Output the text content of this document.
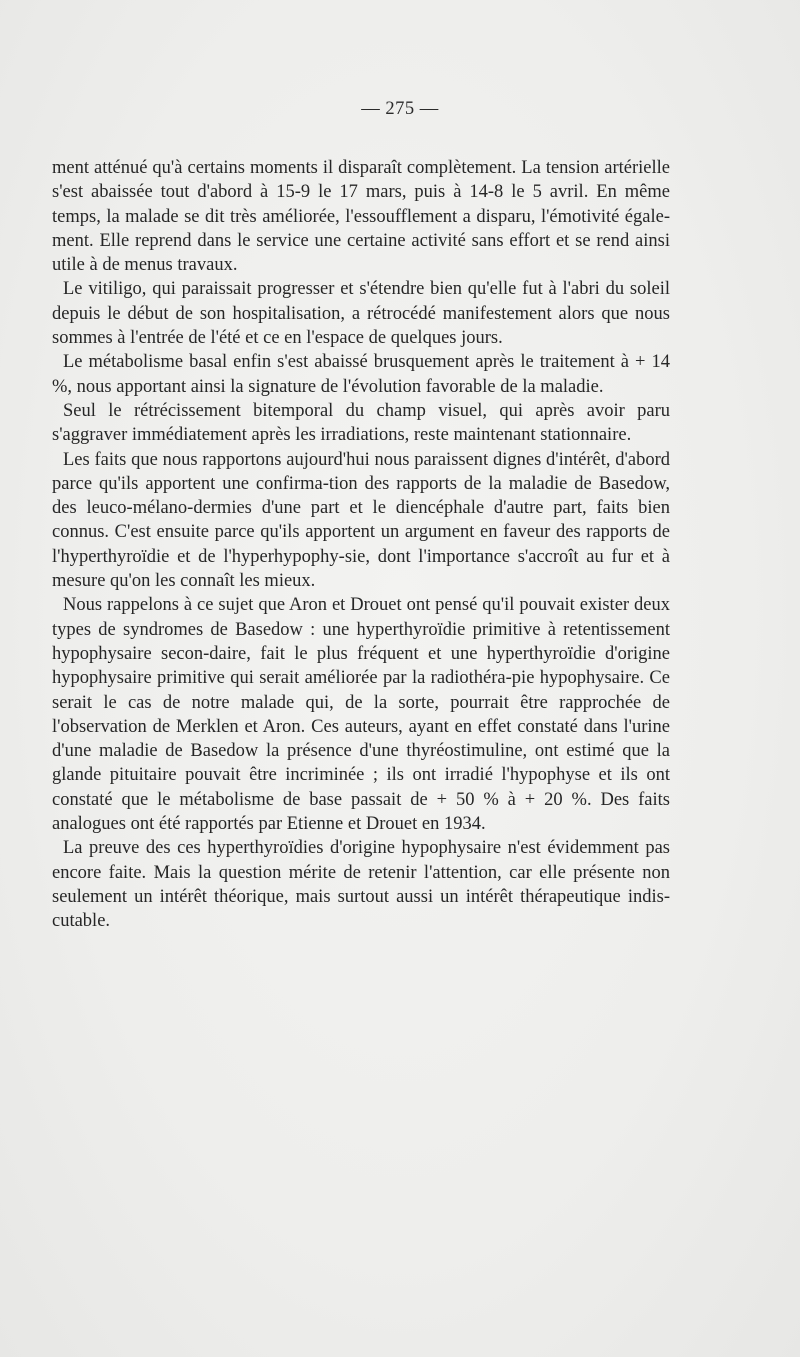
— 275 —

ment atténué qu'à certains moments il disparaît complètement. La tension artérielle s'est abaissée tout d'abord à 15-9 le 17 mars, puis à 14-8 le 5 avril. En même temps, la malade se dit très améliorée, l'essoufflement a disparu, l'émotivité égale-ment. Elle reprend dans le service une certaine activité sans effort et se rend ainsi utile à de menus travaux.

Le vitiligo, qui paraissait progresser et s'étendre bien qu'elle fut à l'abri du soleil depuis le début de son hospitalisation, a rétrocédé manifestement alors que nous sommes à l'entrée de l'été et ce en l'espace de quelques jours.

Le métabolisme basal enfin s'est abaissé brusquement après le traitement à + 14 %, nous apportant ainsi la signature de l'évolution favorable de la maladie.

Seul le rétrécissement bitemporal du champ visuel, qui après avoir paru s'aggraver immédiatement après les irradiations, reste maintenant stationnaire.

Les faits que nous rapportons aujourd'hui nous paraissent dignes d'intérêt, d'abord parce qu'ils apportent une confirma-tion des rapports de la maladie de Basedow, des leuco-mélano-dermies d'une part et le diencéphale d'autre part, faits bien connus. C'est ensuite parce qu'ils apportent un argument en faveur des rapports de l'hyperthyroïdie et de l'hyperhypophy-sie, dont l'importance s'accroît au fur et à mesure qu'on les connaît les mieux.

Nous rappelons à ce sujet que Aron et Drouet ont pensé qu'il pouvait exister deux types de syndromes de Basedow : une hyperthyroïdie primitive à retentissement hypophysaire secon-daire, fait le plus fréquent et une hyperthyroïdie d'origine hypophysaire primitive qui serait améliorée par la radiothéra-pie hypophysaire. Ce serait le cas de notre malade qui, de la sorte, pourrait être rapprochée de l'observation de Merklen et Aron. Ces auteurs, ayant en effet constaté dans l'urine d'une maladie de Basedow la présence d'une thyréostimuline, ont estimé que la glande pituitaire pouvait être incriminée ; ils ont irradié l'hypophyse et ils ont constaté que le métabolisme de base passait de + 50 % à + 20 %. Des faits analogues ont été rapportés par Etienne et Drouet en 1934.

La preuve des ces hyperthyroïdies d'origine hypophysaire n'est évidemment pas encore faite. Mais la question mérite de retenir l'attention, car elle présente non seulement un intérêt théorique, mais surtout aussi un intérêt thérapeutique indis-cutable.
